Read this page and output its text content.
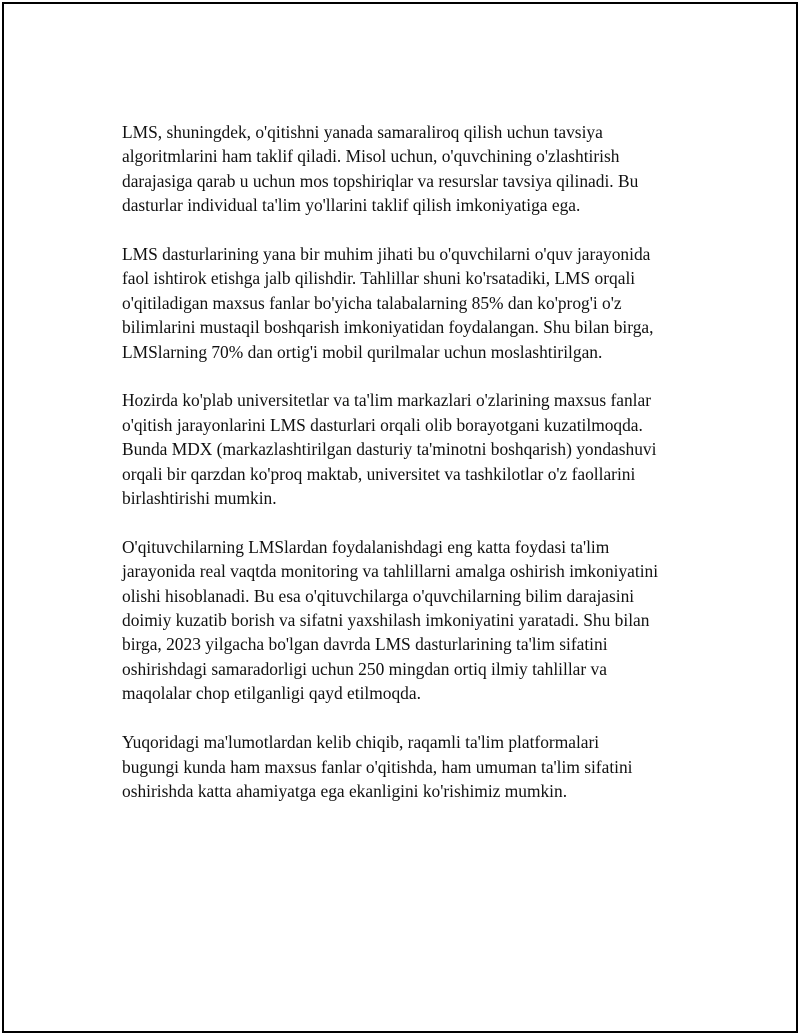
LMS, shuningdek, o'qitishni yanada samaraliroq qilish uchun tavsiya
algoritmlarini ham taklif qiladi. Misol uchun, o'quvchining o'zlashtirish
darajasiga qarab u uchun mos topshiriqlar va resurslar tavsiya qilinadi. Bu
dasturlar individual ta'lim yo'llarini taklif qilish imkoniyatiga ega.

LMS dasturlarining yana bir muhim jihati bu o'quvchilarni o'quv jarayonida
faol ishtirok etishga jalb qilishdir. Tahlillar shuni ko'rsatadiki, LMS orqali
o'qitiladigan maxsus fanlar bo'yicha talabalarning 85% dan ko'prog'i o'z
bilimlarini mustaqil boshqarish imkoniyatidan foydalangan. Shu bilan birga,
LMSlarning 70% dan ortig'i mobil qurilmalar uchun moslashtirilgan.

Hozirda ko'plab universitetlar va ta'lim markazlari o'zlarining maxsus fanlar
o'qitish jarayonlarini LMS dasturlari orqali olib borayotgani kuzatilmoqda.
Bunda MDX (markazlashtirilgan dasturiy ta'minotni boshqarish) yondashuvi
orqali bir qarzdan ko'proq maktab, universitet va tashkilotlar o'z faollarini
birlashtirishi mumkin.

O'qituvchilarning LMSlardan foydalanishdagi eng katta foydasi ta'lim
jarayonida real vaqtda monitoring va tahlillarni amalga oshirish imkoniyatini
olishi hisoblanadi. Bu esa o'qituvchilarga o'quvchilarning bilim darajasini
doimiy kuzatib borish va sifatni yaxshilash imkoniyatini yaratadi. Shu bilan
birga, 2023 yilgacha bo'lgan davrda LMS dasturlarining ta'lim sifatini
oshirishdagi samaradorligi uchun 250 mingdan ortiq ilmiy tahlillar va
maqolalar chop etilganligi qayd etilmoqda.

Yuqoridagi ma'lumotlardan kelib chiqib, raqamli ta'lim platformalari
bugungi kunda ham maxsus fanlar o'qitishda, ham umuman ta'lim sifatini
oshirishda katta ahamiyatga ega ekanligini ko'rishimiz mumkin.
